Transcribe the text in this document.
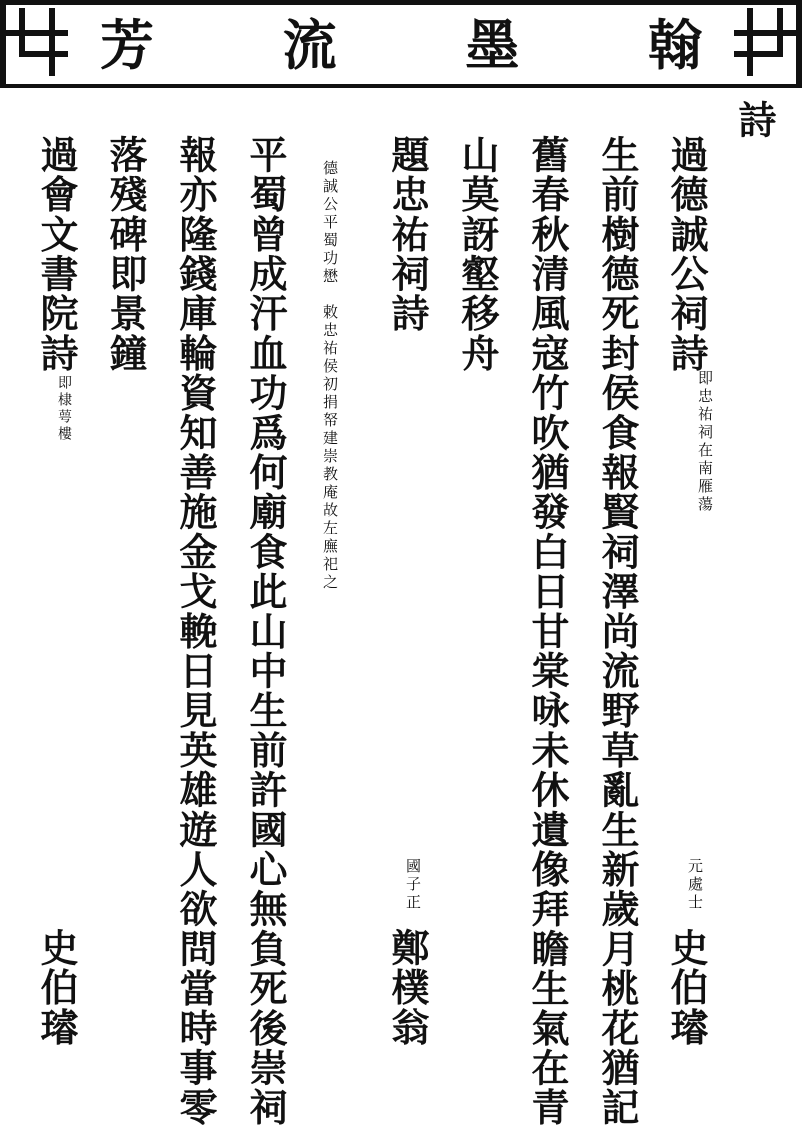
芳 流 墨 翰
詩
過德誠公祠詩
即忠祐祠在南雁蕩
元處士
史伯璿
生前樹德死封侯食報賢祠澤尚流野草亂生新歲月桃花猶記
舊春秋清風寇竹吹猶發白日甘棠咏未休遺像拜瞻生氣在青
山莫訝壑移舟
題忠祐祠詩
國子正
鄭樸翁
德誠公平蜀功懋　敕忠祐侯初捐帑建崇教庵故左廡祀之
平蜀曾成汗血功爲何廟食此山中生前許國心無負死後崇祠
報亦隆錢庫輪資知善施金戈輓日見英雄遊人欲問當時事零
落殘碑即景鐘
過會文書院詩
即棣萼樓
史伯璿
